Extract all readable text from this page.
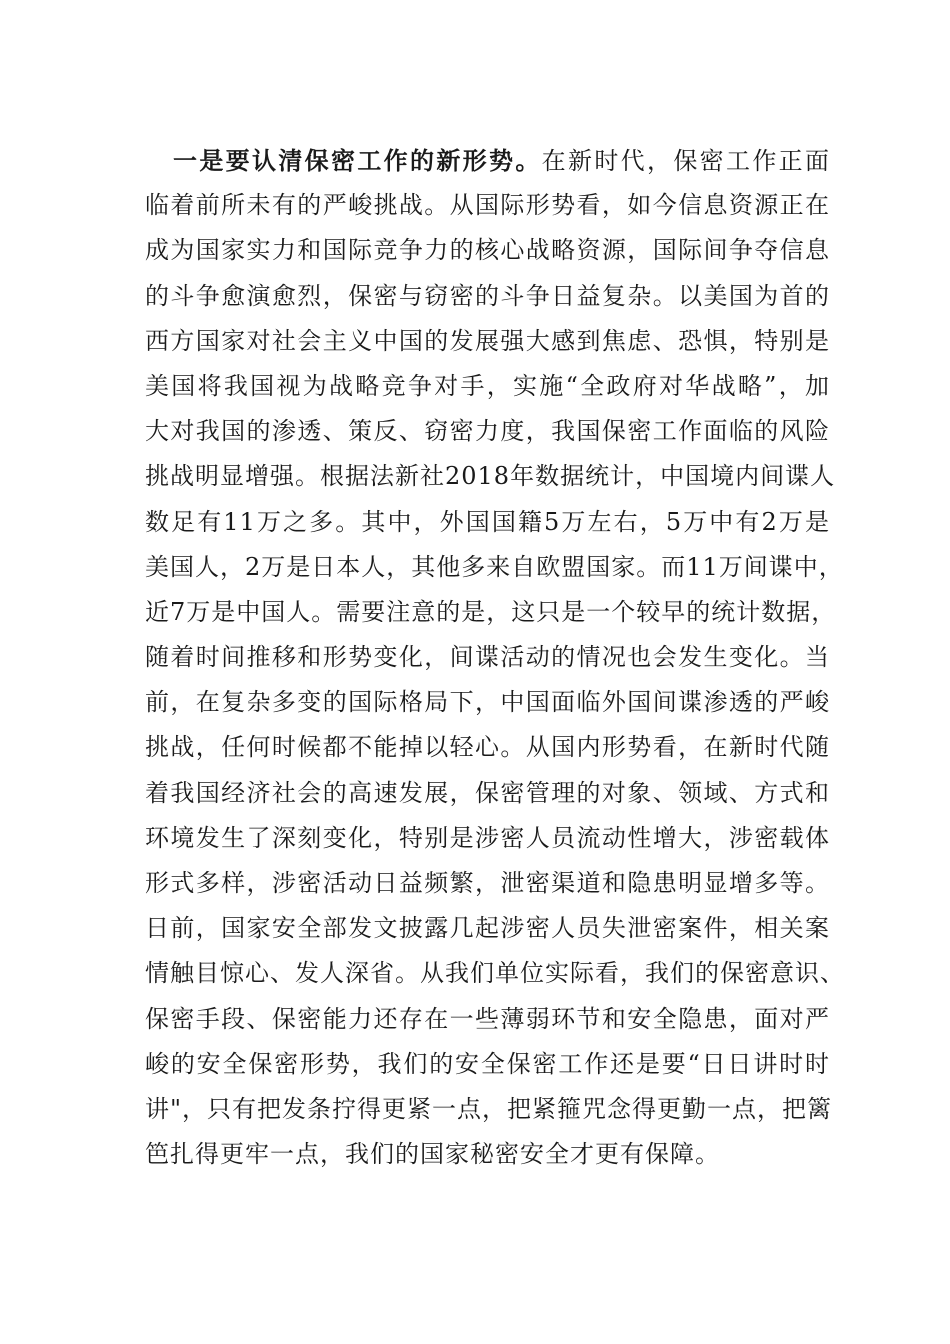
一是要认清保密工作的新形势。在新时代，保密工作正面
临着前所未有的严峻挑战。从国际形势看，如今信息资源正在
成为国家实力和国际竞争力的核心战略资源，国际间争夺信息
的斗争愈演愈烈，保密与窃密的斗争日益复杂。以美国为首的
西方国家对社会主义中国的发展强大感到焦虑、恐惧，特别是
美国将我国视为战略竞争对手，实施“全政府对华战略”，加
大对我国的渗透、策反、窃密力度，我国保密工作面临的风险
挑战明显增强。根据法新社2018年数据统计，中国境内间谍人
数足有11万之多。其中，外国国籍5万左右，5万中有2万是
美国人，2万是日本人，其他多来自欧盟国家。而11万间谍中，
近7万是中国人。需要注意的是，这只是一个较早的统计数据，
随着时间推移和形势变化，间谍活动的情况也会发生变化。当
前，在复杂多变的国际格局下，中国面临外国间谍渗透的严峻
挑战，任何时候都不能掉以轻心。从国内形势看，在新时代随
着我国经济社会的高速发展，保密管理的对象、领域、方式和
环境发生了深刻变化，特别是涉密人员流动性增大，涉密载体
形式多样，涉密活动日益频繁，泄密渠道和隐患明显增多等。
日前，国家安全部发文披露几起涉密人员失泄密案件，相关案
情触目惊心、发人深省。从我们单位实际看，我们的保密意识、
保密手段、保密能力还存在一些薄弱环节和安全隐患，面对严
峻的安全保密形势，我们的安全保密工作还是要“日日讲时时
讲"，只有把发条拧得更紧一点，把紧箍咒念得更勤一点，把篱
笆扎得更牢一点，我们的国家秘密安全才更有保障。
